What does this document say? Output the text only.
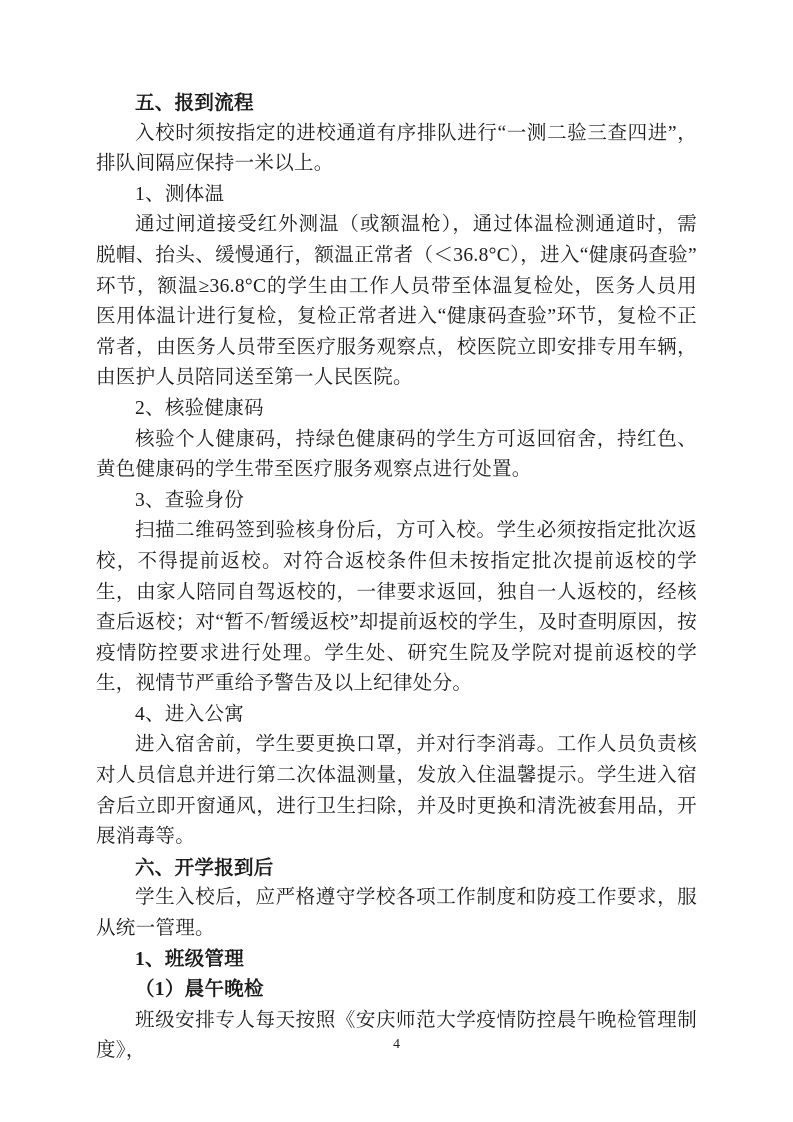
五、报到流程

入校时须按指定的进校通道有序排队进行“一测二验三查四进”，排队间隔应保持一米以上。

1、测体温

通过闸道接受红外测温（或额温枪），通过体温检测通道时，需脱帽、抬头、缓慢通行，额温正常者（＜36.8°C），进入“健康码查验”环节，额温≥36.8°C的学生由工作人员带至体温复检处，医务人员用医用体温计进行复检，复检正常者进入“健康码查验”环节，复检不正常者，由医务人员带至医疗服务观察点，校医院立即安排专用车辆，由医护人员陪同送至第一人民医院。

2、核验健康码

核验个人健康码，持绿色健康码的学生方可返回宿舍，持红色、黄色健康码的学生带至医疗服务观察点进行处置。

3、查验身份

扫描二维码签到验核身份后，方可入校。学生必须按指定批次返校，不得提前返校。对符合返校条件但未按指定批次提前返校的学生，由家人陪同自驾返校的，一律要求返回，独自一人返校的，经核查后返校；对“暂不/暂缓返校”却提前返校的学生，及时查明原因，按疫情防控要求进行处理。学生处、研究生院及学院对提前返校的学生，视情节严重给予警告及以上纪律处分。

4、进入公寓

进入宿舍前，学生要更换口罩，并对行李消毒。工作人员负责核对人员信息并进行第二次体温测量，发放入住温馨提示。学生进入宿舍后立即开窗通风，进行卫生扫除，并及时更换和清洗被套用品，开展消毒等。

六、开学报到后

学生入校后，应严格遵守学校各项工作制度和防疫工作要求，服从统一管理。

1、班级管理

（1）晨午晚检

班级安排专人每天按照《安庆师范大学疫情防控晨午晚检管理制度》，	4
